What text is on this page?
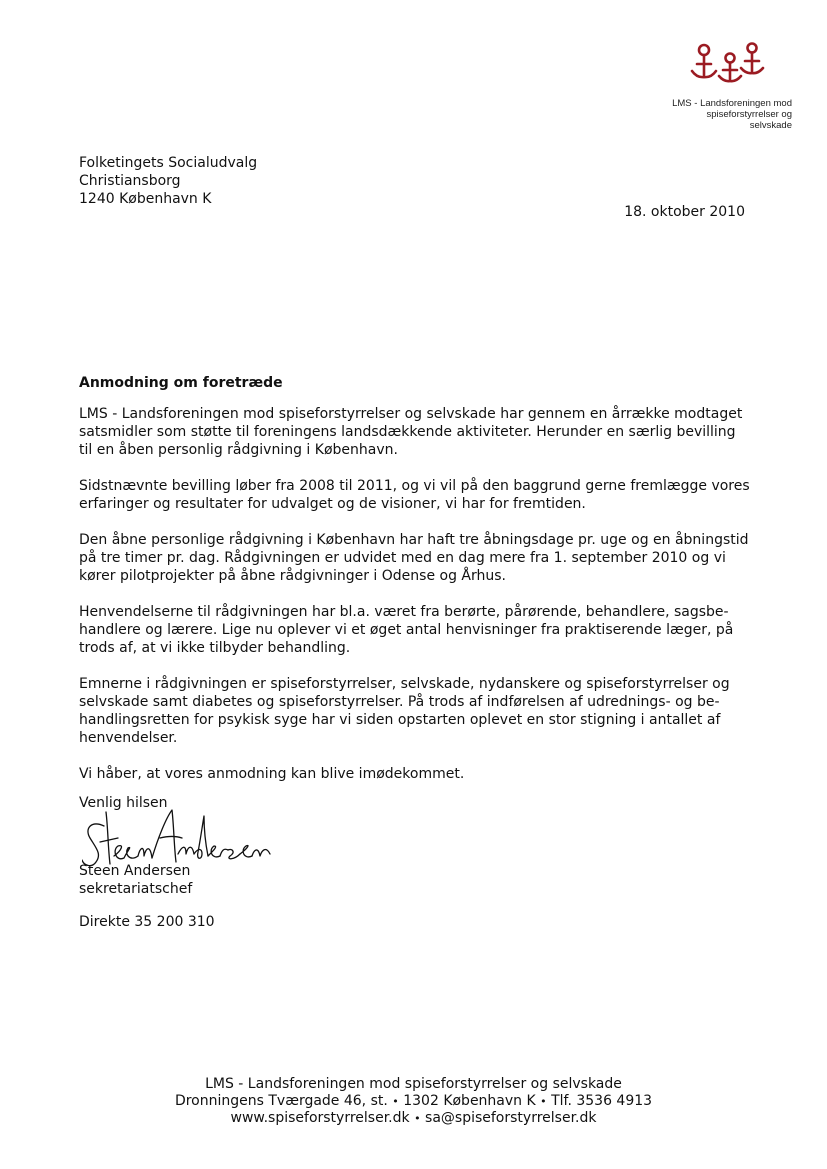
LMS - Landsforeningen mod
spiseforstyrrelser og selvskade
Folketingets Socialudvalg
Christiansborg
1240 København K
18. oktober 2010
Anmodning om foretræde

LMS - Landsforeningen mod spiseforstyrrelser og selvskade har gennem en årrække modtaget
satsmidler som støtte til foreningens landsdækkende aktiviteter. Herunder en særlig bevilling
til en åben personlig rådgivning i København.

Sidstnævnte bevilling løber fra 2008 til 2011, og vi vil på den baggrund gerne fremlægge vores
erfaringer og resultater for udvalget og de visioner, vi har for fremtiden.

Den åbne personlige rådgivning i København har haft tre åbningsdage pr. uge og en åbningstid
på tre timer pr. dag. Rådgivningen er udvidet med en dag mere fra 1. september 2010 og vi
kører pilotprojekter på åbne rådgivninger i Odense og Århus.

Henvendelserne til rådgivningen har bl.a. været fra berørte, pårørende, behandlere, sagsbe-
handlere og lærere. Lige nu oplever vi et øget antal henvisninger fra praktiserende læger, på
trods af, at vi ikke tilbyder behandling.

Emnerne i rådgivningen er spiseforstyrrelser, selvskade, nydanskere og spiseforstyrrelser og
selvskade samt diabetes og spiseforstyrrelser. På trods af indførelsen af udrednings- og be-
handlingsretten for psykisk syge har vi siden opstarten oplevet en stor stigning i antallet af
henvendelser.

Vi håber, at vores anmodning kan blive imødekommet.

Venlig hilsen
Steen Andersen
sekretariatschef
Direkte 35 200 310
LMS - Landsforeningen mod spiseforstyrrelser og selvskade
Dronningens Tværgade 46, st. • 1302 København K • Tlf. 3536 4913
www.spiseforstyrrelser.dk • sa@spiseforstyrrelser.dk
